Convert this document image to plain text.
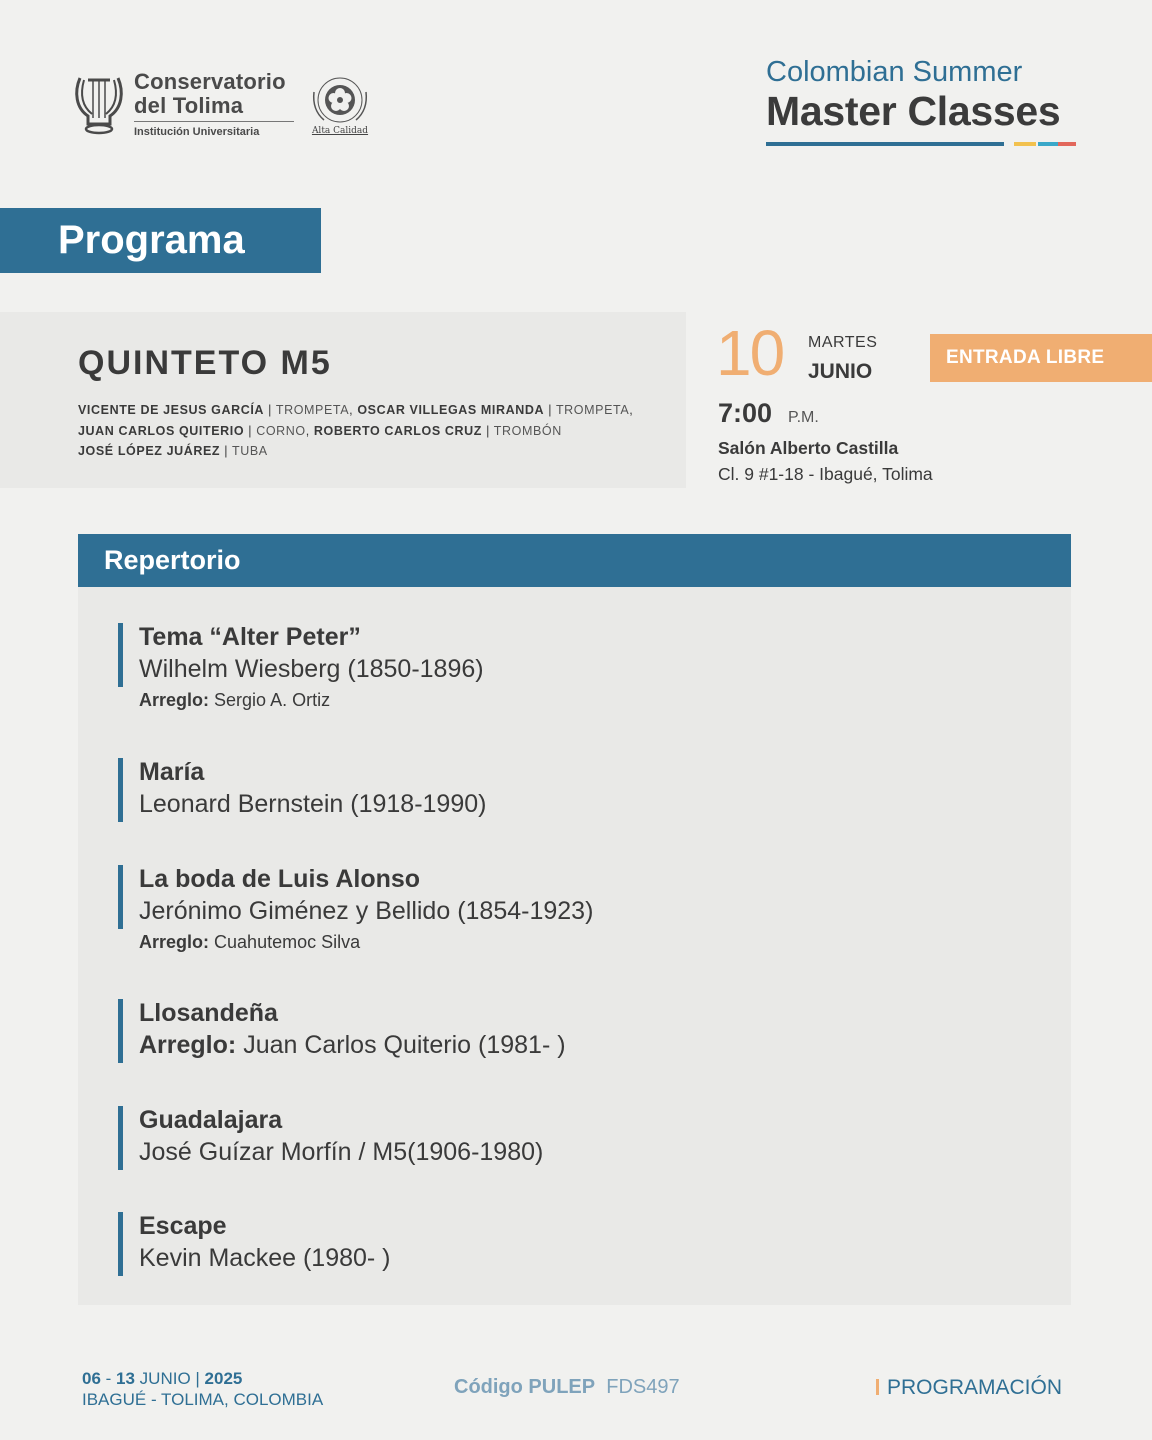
Conservatorio
del Tolima
Institución Universitaria	Alta Calidad
Colombian Summer
Master Classes
Programa
QUINTETO M5
VICENTE DE JESUS GARCÍA | TROMPETA, OSCAR VILLEGAS MIRANDA | TROMPETA,
JUAN CARLOS QUITERIO | CORNO, ROBERTO CARLOS CRUZ | TROMBÓN
JOSÉ LÓPEZ JUÁREZ | TUBA
10 MARTES
JUNIO
7:00 P.M.
Salón Alberto Castilla
Cl. 9 #1-18 - Ibagué, Tolima
ENTRADA LIBRE
Repertorio
Tema “Alter Peter”
Wilhelm Wiesberg (1850-1896)
Arreglo: Sergio A. Ortiz
María
Leonard Bernstein (1918-1990)
La boda de Luis Alonso
Jerónimo Giménez y Bellido (1854-1923)
Arreglo: Cuahutemoc Silva
Llosandeña
Arreglo: Juan Carlos Quiterio (1981- )
Guadalajara
José Guízar Morfín / M5(1906-1980)
Escape
Kevin Mackee (1980- )
06 - 13 JUNIO | 2025
IBAGUÉ - TOLIMA, COLOMBIA
Código PULEP FDS497	PROGRAMACIÓN
